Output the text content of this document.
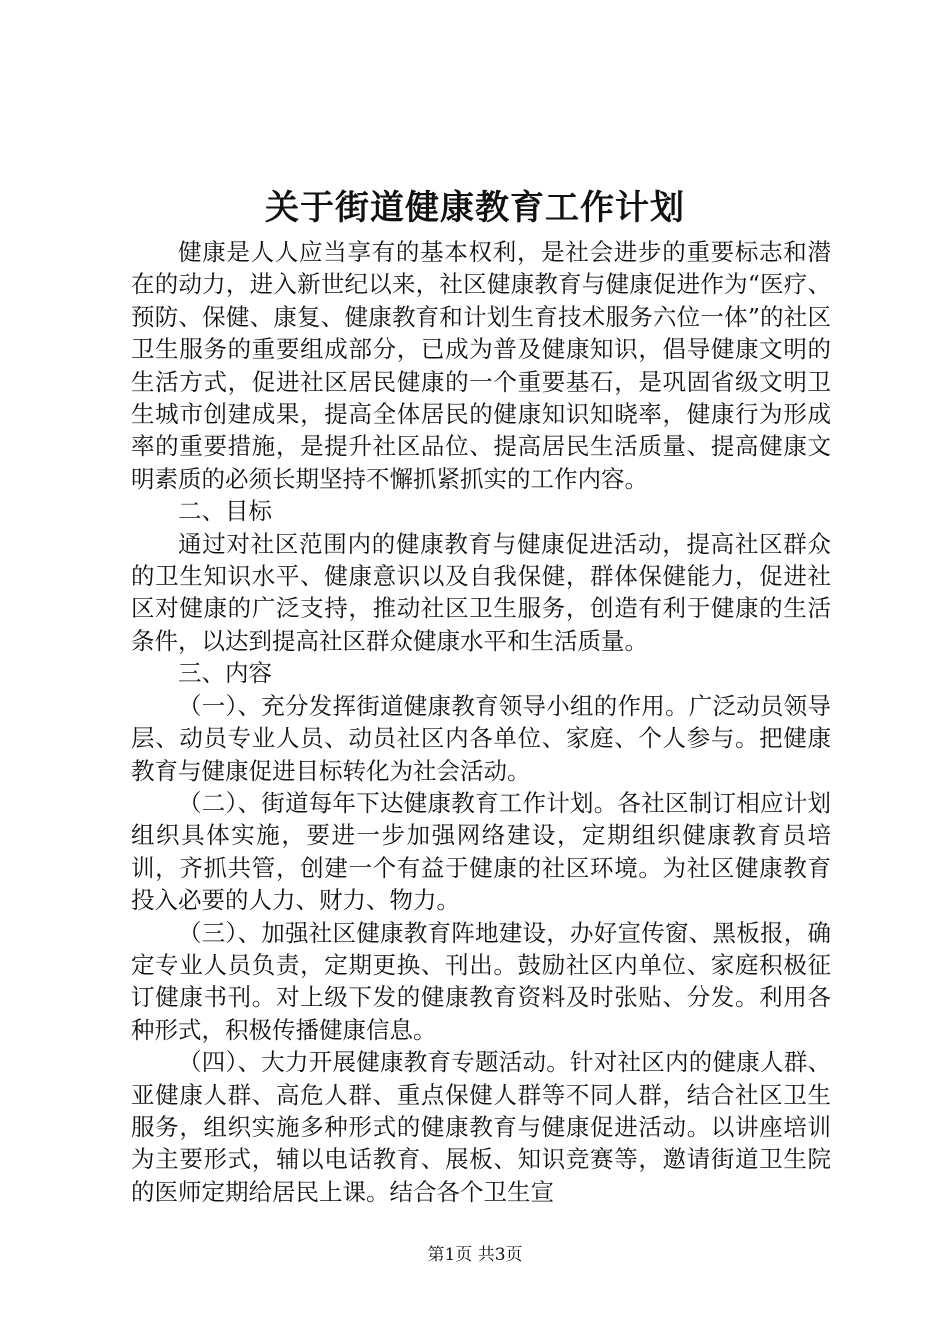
关于街道健康教育工作计划

健康是人人应当享有的基本权利，是社会进步的重要标志和潜在的动力，进入新世纪以来，社区健康教育与健康促进作为“医疗、预防、保健、康复、健康教育和计划生育技术服务六位一体”的社区卫生服务的重要组成部分，已成为普及健康知识，倡导健康文明的生活方式，促进社区居民健康的一个重要基石，是巩固省级文明卫生城市创建成果，提高全体居民的健康知识知晓率，健康行为形成率的重要措施，是提升社区品位、提高居民生活质量、提高健康文明素质的必须长期坚持不懈抓紧抓实的工作内容。

二、目标

通过对社区范围内的健康教育与健康促进活动，提高社区群众的卫生知识水平、健康意识以及自我保健，群体保健能力，促进社区对健康的广泛支持，推动社区卫生服务，创造有利于健康的生活条件，以达到提高社区群众健康水平和生活质量。

三、内容

（一）、充分发挥街道健康教育领导小组的作用。广泛动员领导层、动员专业人员、动员社区内各单位、家庭、个人参与。把健康教育与健康促进目标转化为社会活动。

（二）、街道每年下达健康教育工作计划。各社区制订相应计划组织具体实施，要进一步加强网络建设，定期组织健康教育员培训，齐抓共管，创建一个有益于健康的社区环境。为社区健康教育投入必要的人力、财力、物力。

（三）、加强社区健康教育阵地建设，办好宣传窗、黑板报，确定专业人员负责，定期更换、刊出。鼓励社区内单位、家庭积极征订健康书刊。对上级下发的健康教育资料及时张贴、分发。利用各种形式，积极传播健康信息。

（四）、大力开展健康教育专题活动。针对社区内的健康人群、亚健康人群、高危人群、重点保健人群等不同人群，结合社区卫生服务，组织实施多种形式的健康教育与健康促进活动。以讲座培训为主要形式，辅以电话教育、展板、知识竞赛等，邀请街道卫生院的医师定期给居民上课。结合各个卫生宣

第1页 共3页
